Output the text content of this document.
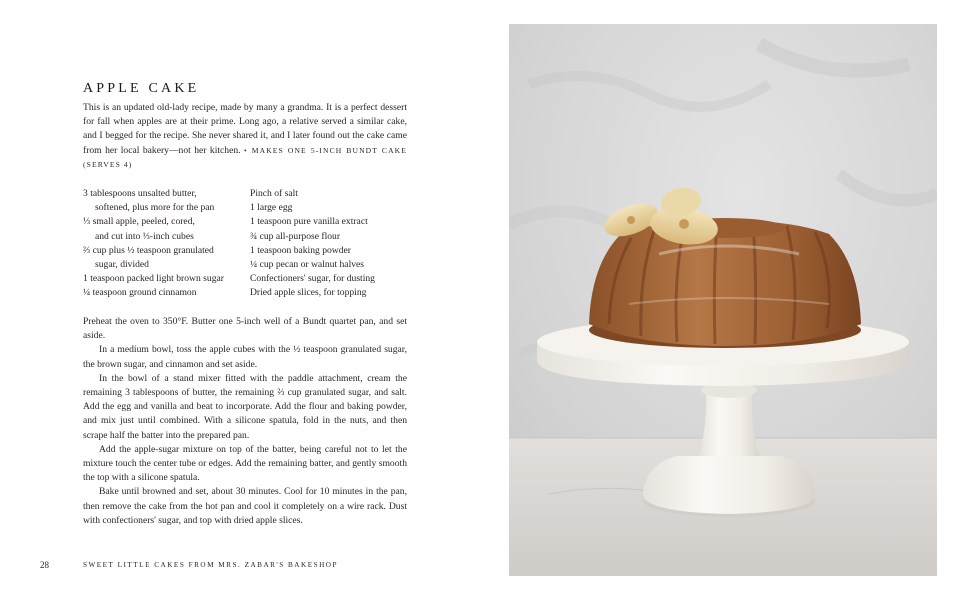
APPLE CAKE

This is an updated old-lady recipe, made by many a grandma. It is a perfect dessert for fall when apples are at their prime. Long ago, a relative served a similar cake, and I begged for the recipe. She never shared it, and I later found out the cake came from her local bakery—not her kitchen. • MAKES ONE 5-INCH BUNDT CAKE (SERVES 4)

3 tablespoons unsalted butter,
softened, plus more for the pan
⅓ small apple, peeled, cored,
and cut into ⅓-inch cubes
⅔ cup plus ½ teaspoon granulated
sugar, divided
1 teaspoon packed light brown sugar
¼ teaspoon ground cinnamon
Pinch of salt
1 large egg
1 teaspoon pure vanilla extract
¾ cup all-purpose flour
1 teaspoon baking powder
¼ cup pecan or walnut halves
Confectioners' sugar, for dusting
Dried apple slices, for topping

Preheat the oven to 350°F. Butter one 5-inch well of a Bundt quartet pan, and set aside.

In a medium bowl, toss the apple cubes with the ½ teaspoon granulated sugar, the brown sugar, and cinnamon and set aside.

In the bowl of a stand mixer fitted with the paddle attachment, cream the remaining 3 tablespoons of butter, the remaining ⅔ cup granulated sugar, and salt. Add the egg and vanilla and beat to incorporate. Add the flour and baking powder, and mix just until combined. With a silicone spatula, fold in the nuts, and then scrape half the batter into the prepared pan.

Add the apple-sugar mixture on top of the batter, being careful not to let the mixture touch the center tube or edges. Add the remaining batter, and gently smooth the top with a silicone spatula.

Bake until browned and set, about 30 minutes. Cool for 10 minutes in the pan, then remove the cake from the hot pan and cool it completely on a wire rack. Dust with confectioners' sugar, and top with dried apple slices.

28	SWEET LITTLE CAKES FROM MRS. ZABAR'S BAKESHOP
